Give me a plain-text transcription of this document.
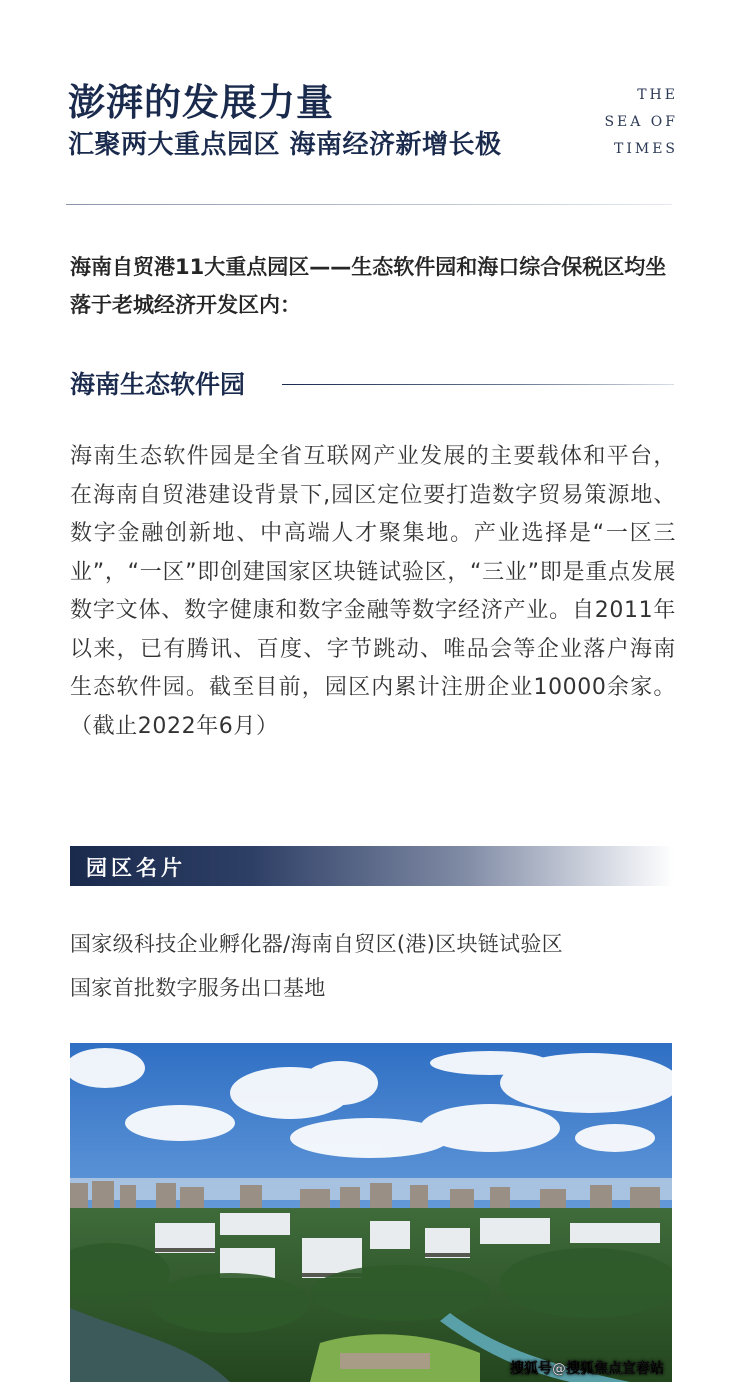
澎湃的发展力量
汇聚两大重点园区 海南经济新增长极
THE
SEA OF
TIMES

海南自贸港11大重点园区——生态软件园和海口综合保税区均坐落于老城经济开发区内：

海南生态软件园

海南生态软件园是全省互联网产业发展的主要载体和平台，在海南自贸港建设背景下,园区定位要打造数字贸易策源地、数字金融创新地、中高端人才聚集地。产业选择是“一区三业”，“一区”即创建国家区块链试验区，“三业”即是重点发展数字文体、数字健康和数字金融等数字经济产业。自2011年以来，已有腾讯、百度、字节跳动、唯品会等企业落户海南生态软件园。截至目前，园区内累计注册企业10000余家。（截止2022年6月）

园区名片
国家级科技企业孵化器/海南自贸区(港)区块链试验区
国家首批数字服务出口基地
搜狐号@搜狐焦点宜春站
